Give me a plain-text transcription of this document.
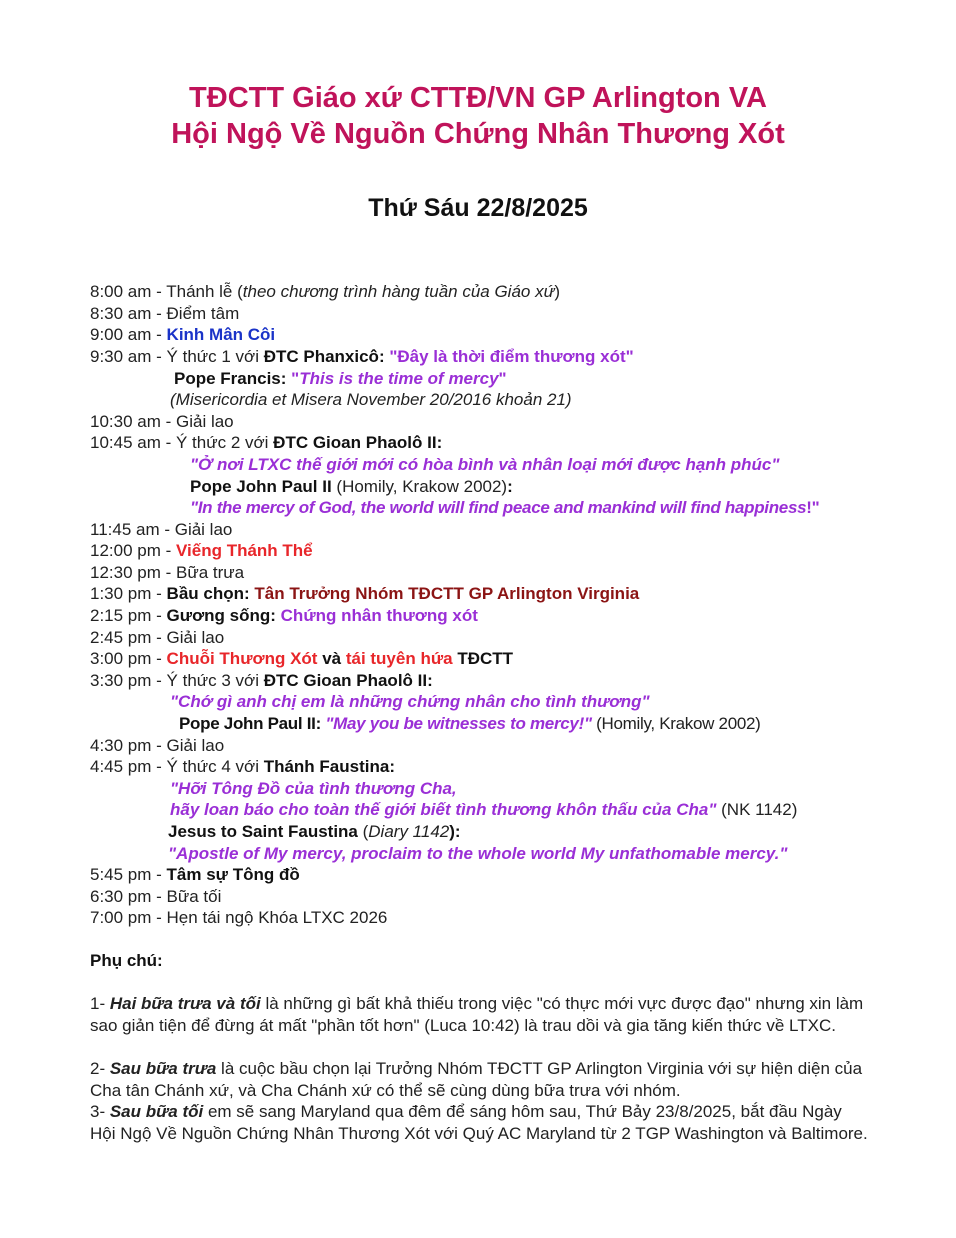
TĐCTT Giáo xứ CTTĐ/VN GP Arlington VA
Hội Ngộ Về Nguồn Chứng Nhân Thương Xót
Thứ Sáu 22/8/2025
8:00 am - Thánh lễ (theo chương trình hàng tuần của Giáo xứ)
8:30 am - Điểm tâm
9:00 am - Kinh Mân Côi
9:30 am - Ý thức 1 với ĐTC Phanxicô: "Đây là thời điểm thương xót"
Pope Francis: "This is the time of mercy"
(Misericordia et Misera November 20/2016 khoản 21)
10:30 am - Giải lao
10:45 am - Ý thức 2 với ĐTC Gioan Phaolô II:
"Ở nơi LTXC thế giới mới có hòa bình và nhân loại mới được hạnh phúc"
Pope John Paul II (Homily, Krakow 2002):
"In the mercy of God, the world will find peace and mankind will find happiness!"
11:45 am - Giải lao
12:00 pm - Viếng Thánh Thể
12:30 pm - Bữa trưa
1:30 pm - Bầu chọn: Tân Trưởng Nhóm TĐCTT GP Arlington Virginia
2:15 pm - Gương sống: Chứng nhân thương xót
2:45 pm - Giải lao
3:00 pm - Chuỗi Thương Xót và tái tuyên hứa TĐCTT
3:30 pm - Ý thức 3 với ĐTC Gioan Phaolô II:
"Chớ gì anh chị em là những chứng nhân cho tình thương"
Pope John Paul II: "May you be witnesses to mercy!" (Homily, Krakow 2002)
4:30 pm - Giải lao
4:45 pm - Ý thức 4 với Thánh Faustina:
"Hỡi Tông Đồ của tình thương Cha,
hãy loan báo cho toàn thế giới biết tình thương khôn thấu của Cha" (NK 1142)
Jesus to Saint Faustina (Diary 1142):
"Apostle of My mercy, proclaim to the whole world My unfathomable mercy."
5:45 pm - Tâm sự Tông đồ
6:30 pm - Bữa tối
7:00 pm - Hẹn tái ngộ Khóa LTXC 2026
Phụ chú:
1- Hai bữa trưa và tối là những gì bất khả thiếu trong việc "có thực mới vực được đạo" nhưng xin làm sao giản tiện để đừng át mất "phần tốt hơn" (Luca 10:42) là trau dồi và gia tăng kiến thức về LTXC.
2- Sau bữa trưa là cuộc bầu chọn lại Trưởng Nhóm TĐCTT GP Arlington Virginia với sự hiện diện của Cha tân Chánh xứ, và Cha Chánh xứ có thể sẽ cùng dùng bữa trưa với nhóm.
3- Sau bữa tối em sẽ sang Maryland qua đêm để sáng hôm sau, Thứ Bảy 23/8/2025, bắt đầu Ngày Hội Ngộ Về Nguồn Chứng Nhân Thương Xót với Quý AC Maryland từ 2 TGP Washington và Baltimore.
